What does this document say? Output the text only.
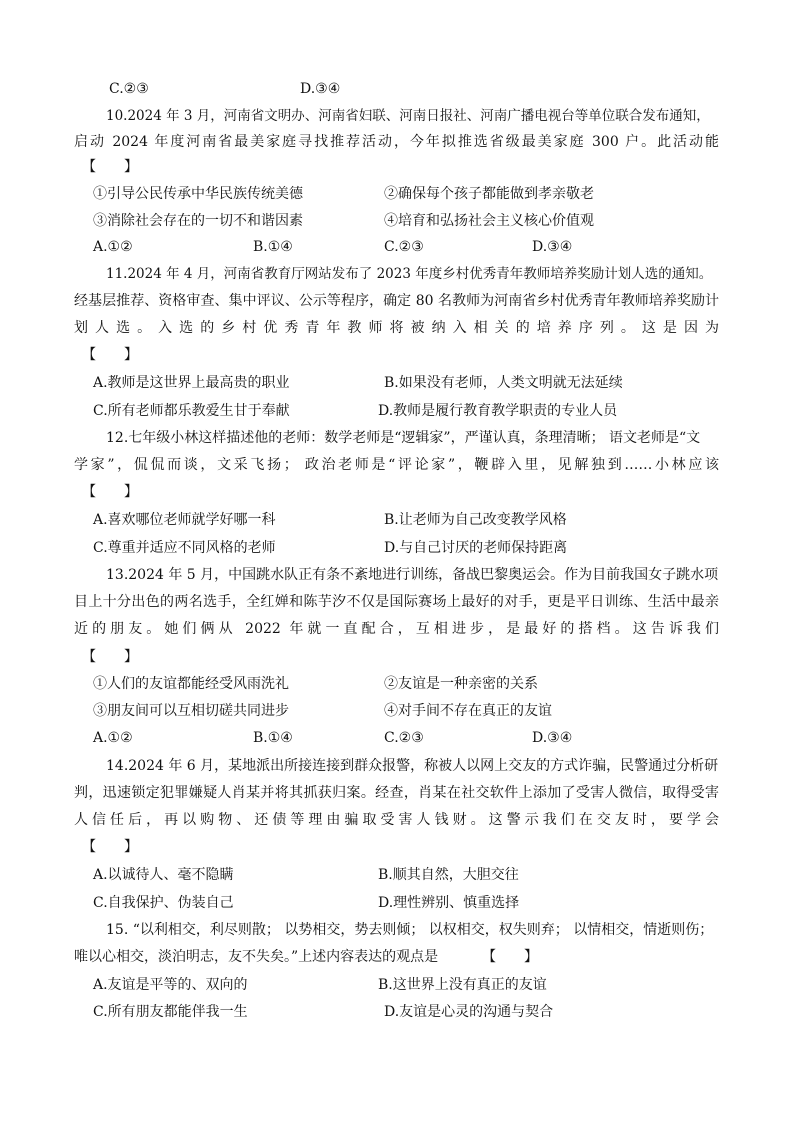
C.②③	D.③④
10.2024 年 3 月，河南省文明办、河南省妇联、河南日报社、河南广播电视台等单位联合发布通知，
启动 2024 年度河南省最美家庭寻找推荐活动，今年拟推选省级最美家庭 300 户。此活动能
【　　】
①引导公民传承中华民族传统美德	②确保每个孩子都能做到孝亲敬老
③消除社会存在的一切不和谐因素	④培育和弘扬社会主义核心价值观
A.①②	B.①④	C.②③	D.③④
11.2024 年 4 月，河南省教育厅网站发布了 2023 年度乡村优秀青年教师培养奖励计划人选的通知。
经基层推荐、资格审查、集中评议、公示等程序，确定 80 名教师为河南省乡村优秀青年教师培养奖励计
划人选。入选的乡村优秀青年教师将被纳入相关的培养序列。这是因为
【　　】
A.教师是这世界上最高贵的职业	B.如果没有老师，人类文明就无法延续
C.所有老师都乐教爱生甘于奉献	D.教师是履行教育教学职责的专业人员
12.七年级小林这样描述他的老师：数学老师是“逻辑家”，严谨认真，条理清晰； 语文老师是“文
学家”，侃侃而谈，文采飞扬； 政治老师是“评论家”，鞭辟入里，见解独到……小林应该
【　　】
A.喜欢哪位老师就学好哪一科	B.让老师为自己改变教学风格
C.尊重并适应不同风格的老师	D.与自己讨厌的老师保持距离
13.2024 年 5 月，中国跳水队正有条不紊地进行训练，备战巴黎奥运会。作为目前我国女子跳水项
目上十分出色的两名选手，全红婵和陈芋汐不仅是国际赛场上最好的对手，更是平日训练、生活中最亲
近的朋友。她们俩从 2022 年就一直配合，互相进步，是最好的搭档。这告诉我们
【　　】
①人们的友谊都能经受风雨洗礼	②友谊是一种亲密的关系
③朋友间可以互相切磋共同进步	④对手间不存在真正的友谊
A.①②	B.①④	C.②③	D.③④
14.2024 年 6 月，某地派出所接连接到群众报警，称被人以网上交友的方式诈骗，民警通过分析研
判，迅速锁定犯罪嫌疑人肖某并将其抓获归案。经查，肖某在社交软件上添加了受害人微信，取得受害
人信任后，再以购物、还债等理由骗取受害人钱财。这警示我们在交友时，要学会
【　　】
A.以诚待人、毫不隐瞒	B.顺其自然，大胆交往
C.自我保护、伪装自己	D.理性辨别、慎重选择
15. “以利相交，利尽则散； 以势相交，势去则倾； 以权相交，权失则弃； 以情相交，情逝则伤；
唯以心相交，淡泊明志，友不失矣。”上述内容表达的观点是	【　　】
A.友谊是平等的、双向的	B.这世界上没有真正的友谊
C.所有朋友都能伴我一生	D.友谊是心灵的沟通与契合
